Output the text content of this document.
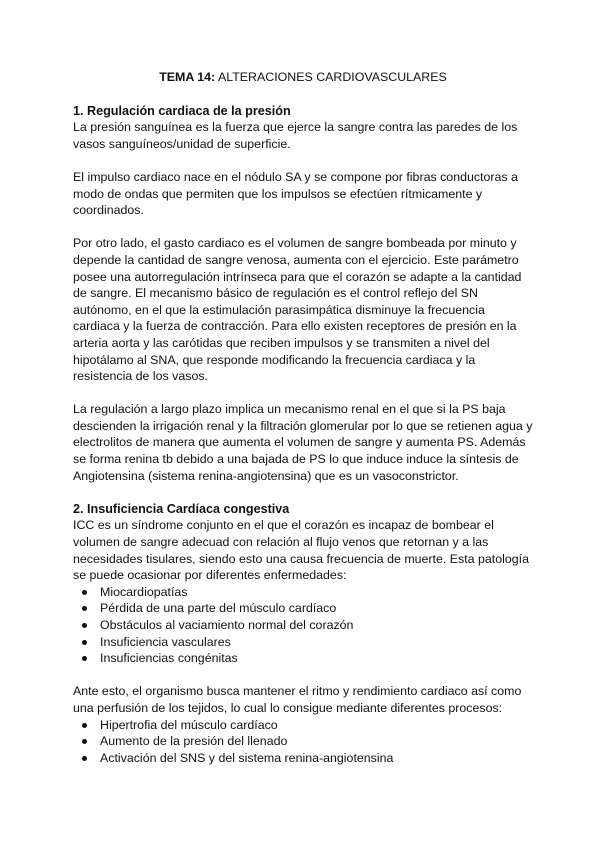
TEMA 14: ALTERACIONES CARDIOVASCULARES
1. Regulación cardiaca de la presión

La presión sanguínea es la fuerza que ejerce la sangre contra las paredes de los vasos sanguíneos/unidad de superficie.

El impulso cardiaco nace en el nódulo SA y se compone por fibras conductoras a modo de ondas que permiten que los impulsos se efectúen rítmicamente y coordinados.

Por otro lado, el gasto cardiaco es el volumen de sangre bombeada por minuto y depende la cantidad de sangre venosa, aumenta con el ejercicio. Este parámetro posee una autorregulación intrínseca para que el corazón se adapte a la cantidad de sangre. El mecanismo básico de regulación es el control reflejo del SN autónomo, en el que la estimulación parasimpática disminuye la frecuencia cardiaca y la fuerza de contracción. Para ello existen receptores de presión en la arteria aorta y las carótidas que reciben impulsos y se transmiten a nivel del hipotálamo al SNA, que responde modificando la frecuencia cardiaca y la resistencia de los vasos.

La regulación a largo plazo implica un mecanismo renal en el que si la PS baja descienden la irrigación renal y la filtración glomerular por lo que se retienen agua y electrolitos de manera que aumenta el volumen de sangre y aumenta PS. Además se forma renina tb debido a una bajada de PS lo que induce induce la síntesis de Angiotensina (sistema renina-angiotensina) que es un vasoconstrictor.

2. Insuficiencia Cardíaca congestiva

ICC es un síndrome conjunto en el que el corazón es incapaz de bombear el volumen de sangre adecuad con relación al flujo venos que retornan y a las necesidades tisulares, siendo esto una causa frecuencia de muerte. Esta patología se puede ocasionar por diferentes enfermedades:

Miocardiopatías
Pérdida de una parte del músculo cardíaco
Obstáculos al vaciamiento normal del corazón
Insuficiencia vasculares
Insuficiencias congénitas

Ante esto, el organismo busca mantener el ritmo y rendimiento cardiaco así como una perfusión de los tejidos, lo cual lo consigue mediante diferentes procesos:

Hipertrofia del músculo cardíaco
Aumento de la presión del llenado
Activación del SNS y del sistema renina-angiotensina
